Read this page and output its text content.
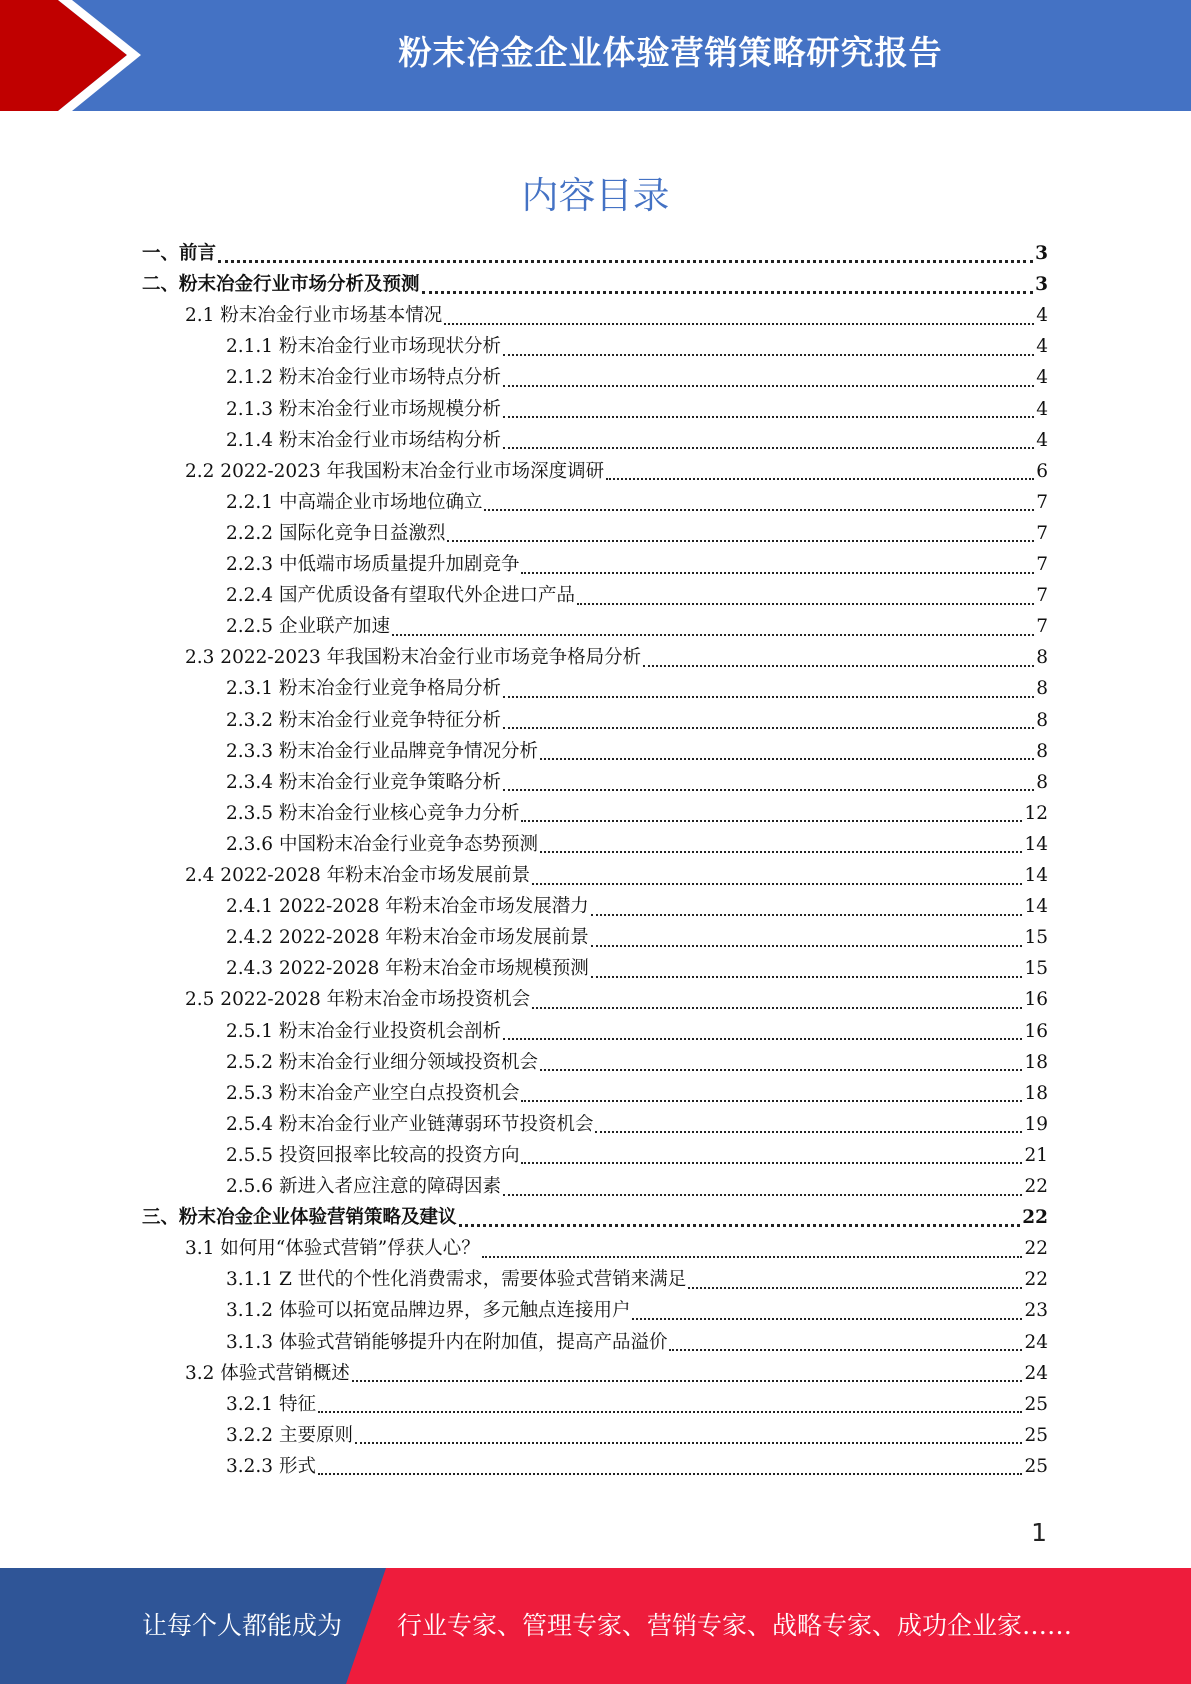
粉末冶金企业体验营销策略研究报告
内容目录
一、前言	3
二、粉末冶金行业市场分析及预测	3
2.1 粉末冶金行业市场基本情况	4
2.1.1 粉末冶金行业市场现状分析	4
2.1.2 粉末冶金行业市场特点分析	4
2.1.3 粉末冶金行业市场规模分析	4
2.1.4 粉末冶金行业市场结构分析	4
2.2 2022-2023 年我国粉末冶金行业市场深度调研	6
2.2.1 中高端企业市场地位确立	7
2.2.2 国际化竞争日益激烈	7
2.2.3 中低端市场质量提升加剧竞争	7
2.2.4 国产优质设备有望取代外企进口产品	7
2.2.5 企业联产加速	7
2.3 2022-2023 年我国粉末冶金行业市场竞争格局分析	8
2.3.1 粉末冶金行业竞争格局分析	8
2.3.2 粉末冶金行业竞争特征分析	8
2.3.3 粉末冶金行业品牌竞争情况分析	8
2.3.4 粉末冶金行业竞争策略分析	8
2.3.5 粉末冶金行业核心竞争力分析	12
2.3.6 中国粉末冶金行业竞争态势预测	14
2.4 2022-2028 年粉末冶金市场发展前景	14
2.4.1 2022-2028 年粉末冶金市场发展潜力	14
2.4.2 2022-2028 年粉末冶金市场发展前景	15
2.4.3 2022-2028 年粉末冶金市场规模预测	15
2.5 2022-2028 年粉末冶金市场投资机会	16
2.5.1 粉末冶金行业投资机会剖析	16
2.5.2 粉末冶金行业细分领域投资机会	18
2.5.3 粉末冶金产业空白点投资机会	18
2.5.4 粉末冶金行业产业链薄弱环节投资机会	19
2.5.5 投资回报率比较高的投资方向	21
2.5.6 新进入者应注意的障碍因素	22
三、粉末冶金企业体验营销策略及建议	22
3.1 如何用“体验式营销”俘获人心？	22
3.1.1 Z 世代的个性化消费需求，需要体验式营销来满足	22
3.1.2 体验可以拓宽品牌边界，多元触点连接用户	23
3.1.3 体验式营销能够提升内在附加值，提高产品溢价	24
3.2 体验式营销概述	24
3.2.1 特征	25
3.2.2 主要原则	25
3.2.3 形式	25
1
让每个人都能成为 行业专家、管理专家、营销专家、战略专家、成功企业家……
